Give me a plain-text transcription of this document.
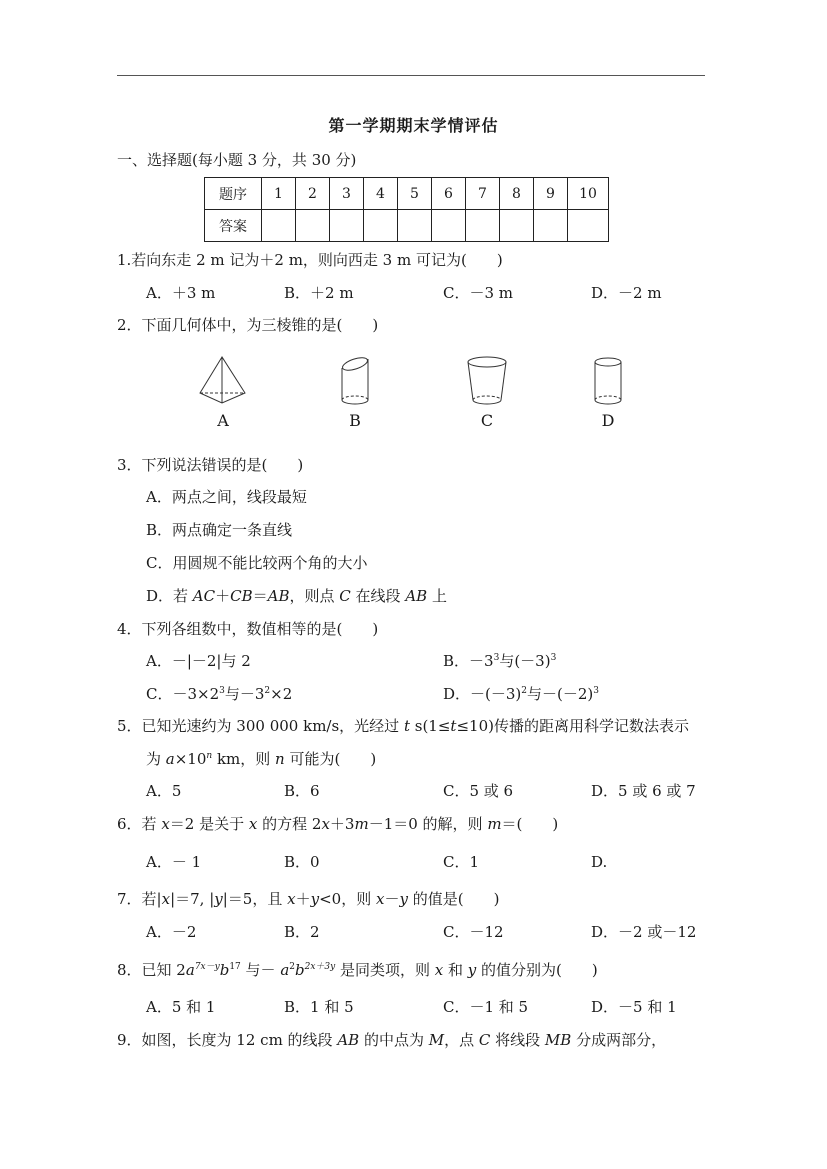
第一学期期末学情评估
一、选择题(每小题 3 分，共 30 分)
题序	1	2	3	4	5	6	7	8	9	10
答案										
1.若向东走 2 m 记为＋2 m，则向西走 3 m 可记为(　　)
A．＋3 m	B．＋2 m	C．－3 m	D．－2 m
2．下面几何体中，为三棱锥的是(　　)
A	B	C	D
3．下列说法错误的是(　　)
A．两点之间，线段最短
B．两点确定一条直线
C．用圆规不能比较两个角的大小
D．若 AC＋CB＝AB，则点 C 在线段 AB 上
4．下列各组数中，数值相等的是(　　)
A．－|－2|与 2	B．$-3^3$与$(-3)^3$
C．$-3\times 2^3$与$-3^2\times 2$	D．$-(-3)^2$与$-(-2)^3$
5．已知光速约为 300 000 km/s，光经过 t s(1≤t≤10)传播的距离用科学记数法表示
为 $a\times 10^n$ km，则 n 可能为(　　)
A．5	B．6	C．5 或 6	D．5 或 6 或 7
6．若 x＝2 是关于 x 的方程 2x＋3m－1＝0 的解，则 m＝(　　)
A．－ 1	B．0	C．1	D.
7．若|x|＝7, |y|＝5，且 x＋y<0，则 x－y 的值是(　　)
A．－2	B．2	C．－12	D．－2 或－12
8．已知 $2a^{7x-y}b^{17}$ 与－ $a^2b^{2x+3y}$ 是同类项，则 x 和 y 的值分别为(　　)
A．5 和 1	B．1 和 5	C．－1 和 5	D．－5 和 1
9．如图，长度为 12 cm 的线段 AB 的中点为 M，点 C 将线段 MB 分成两部分，
